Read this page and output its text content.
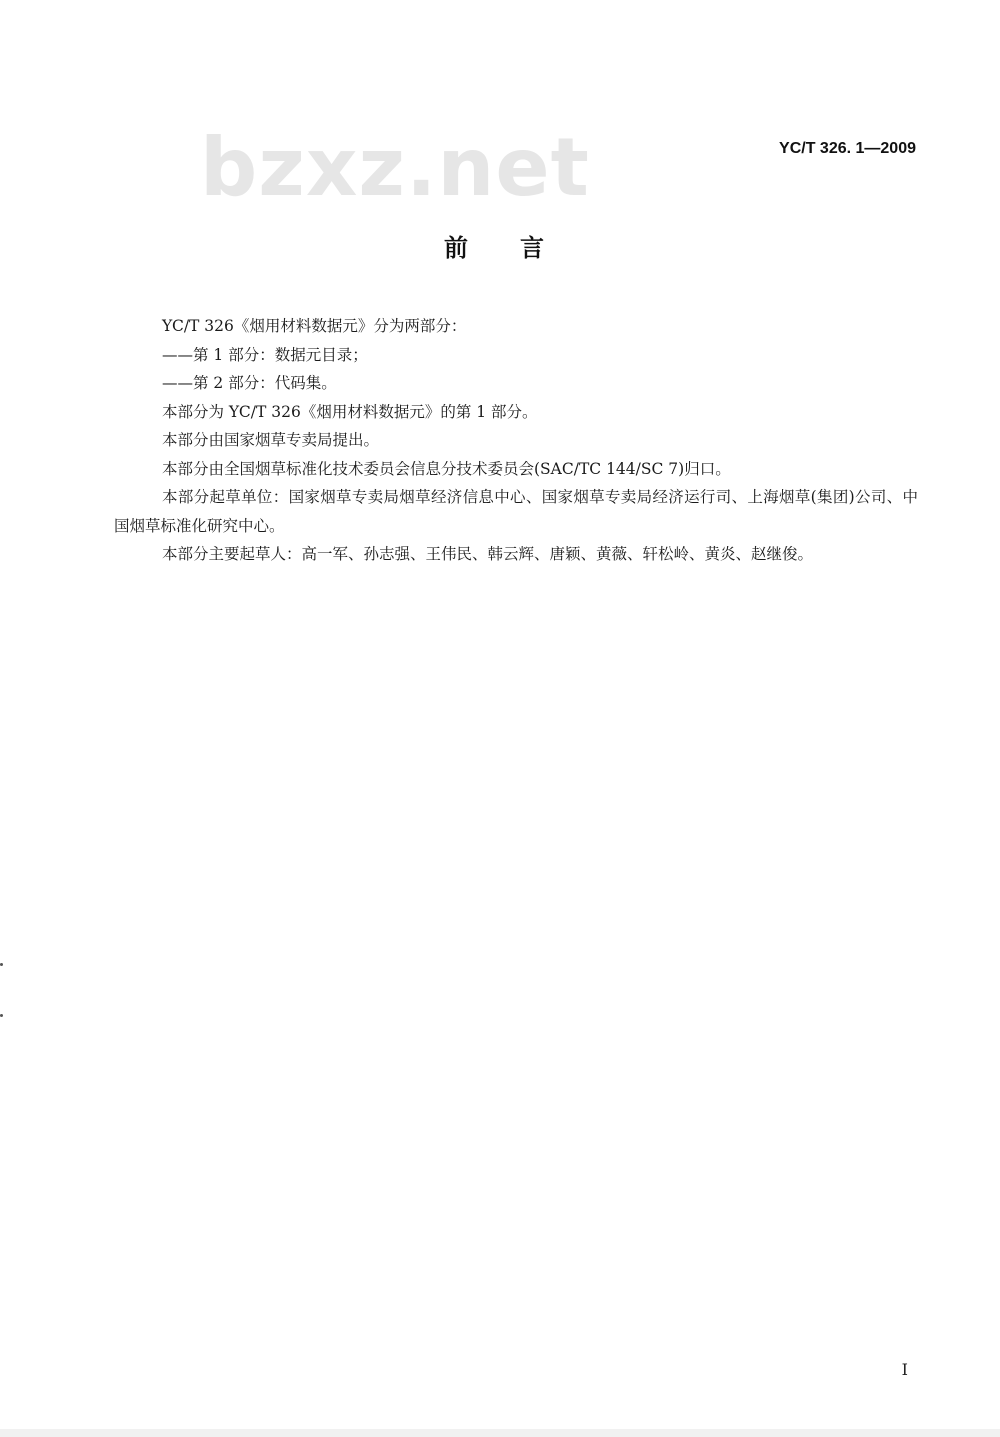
bzxz.net	YC/T 326. 1—2009
前言

YC/T 326《烟用材料数据元》分为两部分：

——第 1 部分：数据元目录；

——第 2 部分：代码集。

本部分为 YC/T 326《烟用材料数据元》的第 1 部分。

本部分由国家烟草专卖局提出。

本部分由全国烟草标准化技术委员会信息分技术委员会(SAC/TC 144/SC 7)归口。

本部分起草单位：国家烟草专卖局烟草经济信息中心、国家烟草专卖局经济运行司、上海烟草(集团)公司、中国烟草标准化研究中心。

本部分主要起草人：高一军、孙志强、王伟民、韩云辉、唐颖、黄薇、轩松岭、黄炎、赵继俊。

I
